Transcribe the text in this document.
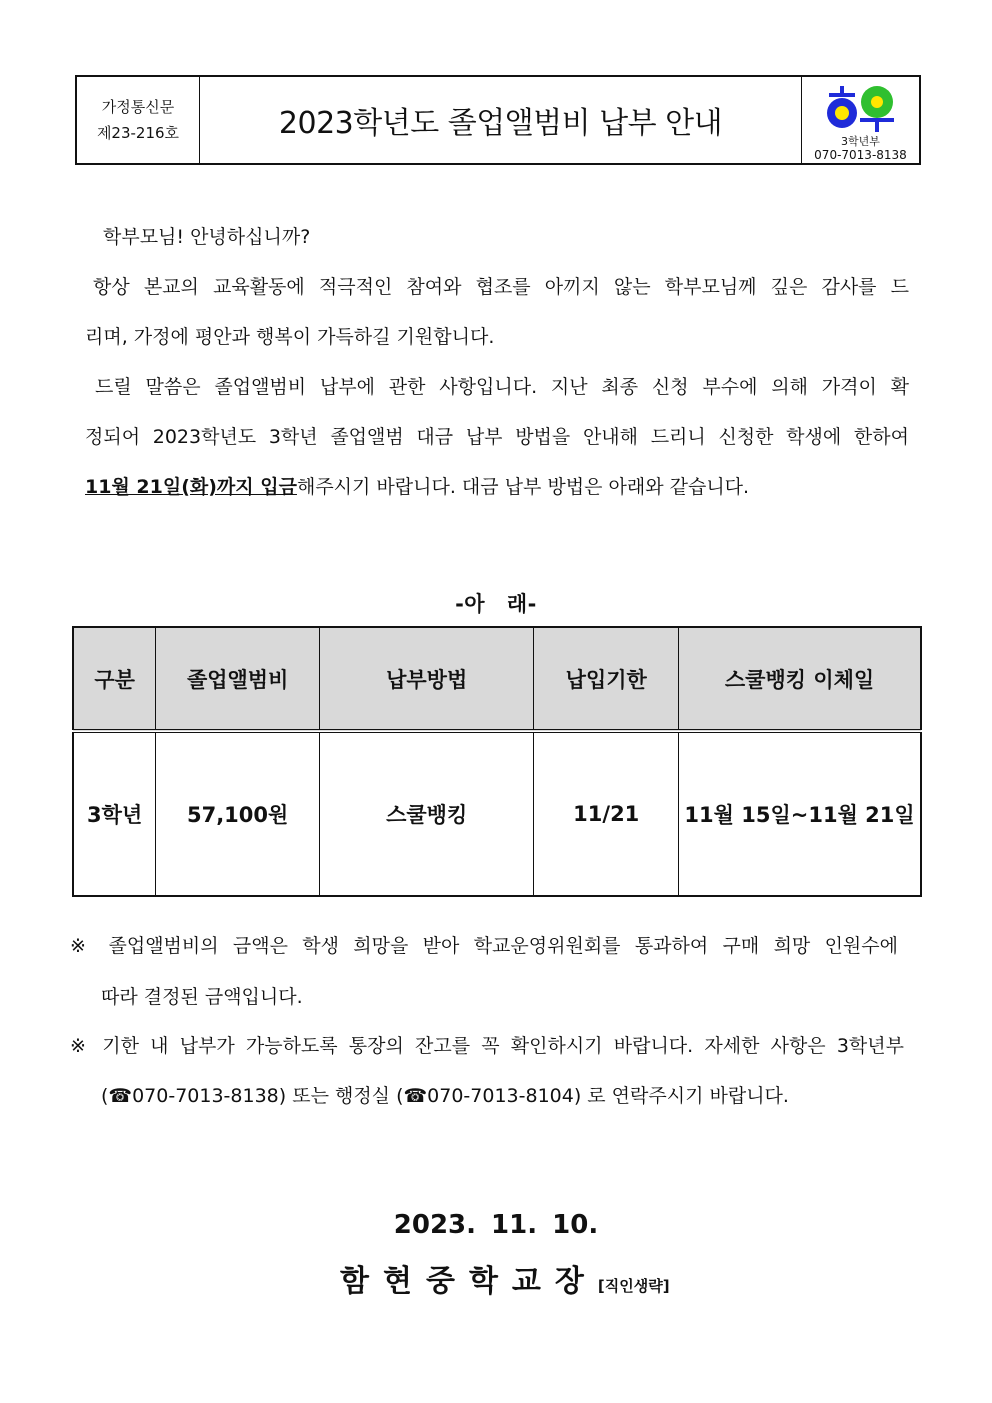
가정통신문
제23-216호	2023학년도 졸업앨범비 납부 안내
3학년부
070-7013-8138
학부모님! 안녕하십니까?
항상 본교의 교육활동에 적극적인 참여와 협조를 아끼지 않는 학부모님께 깊은 감사를 드
리며, 가정에 평안과 행복이 가득하길 기원합니다.
드릴 말씀은 졸업앨범비 납부에 관한 사항입니다. 지난 최종 신청 부수에 의해 가격이 확
정되어 2023학년도 3학년 졸업앨범 대금 납부 방법을 안내해 드리니 신청한 학생에 한하여
11월 21일(화)까지 입금해주시기 바랍니다. 대금 납부 방법은 아래와 같습니다.
-아 래-
구분	졸업앨범비	납부방법	납입기한	스쿨뱅킹 이체일
3학년	57,100원	스쿨뱅킹	11/21	11월 15일~11월 21일
※ 졸업앨범비의 금액은 학생 희망을 받아 학교운영위원회를 통과하여 구매 희망 인원수에
따라 결정된 금액입니다.
※ 기한 내 납부가 가능하도록 통장의 잔고를 꼭 확인하시기 바랍니다. 자세한 사항은 3학년부
(☎070-7013-8138) 또는 행정실 (☎070-7013-8104) 로 연락주시기 바랍니다.
2023. 11. 10.
함현중학교장[직인생략]
